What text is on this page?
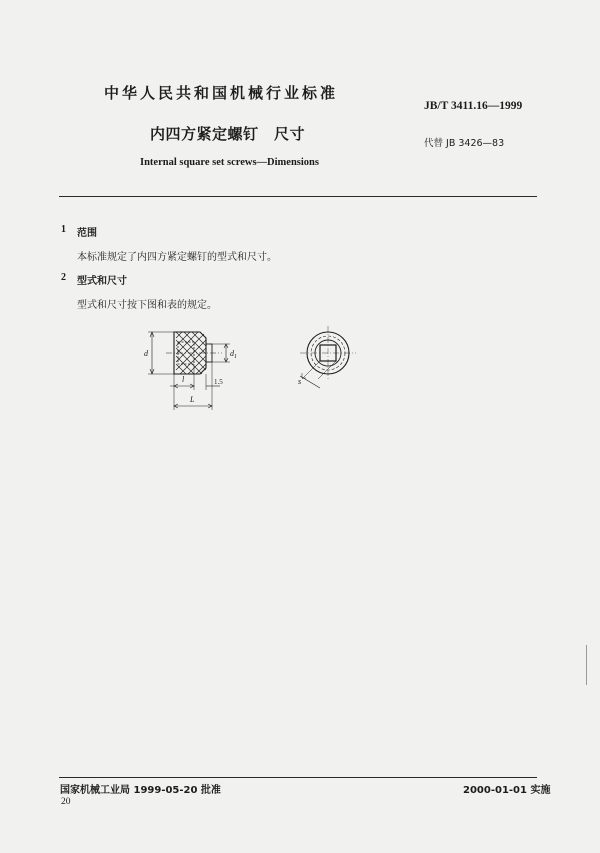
中华人民共和国机械行业标准
JB/T 3411.16—1999
内四方紧定螺钉　尺寸
代替 JB 3426—83
Internal square set screws—Dimensions
1 范围
本标准规定了内四方紧定螺钉的型式和尺寸。
2 型式和尺寸
型式和尺寸按下图和表的规定。
d	$d_1$
l
L
1.5	s
国家机械工业局 1999-05-20 批准	2000-01-01 实施
20
